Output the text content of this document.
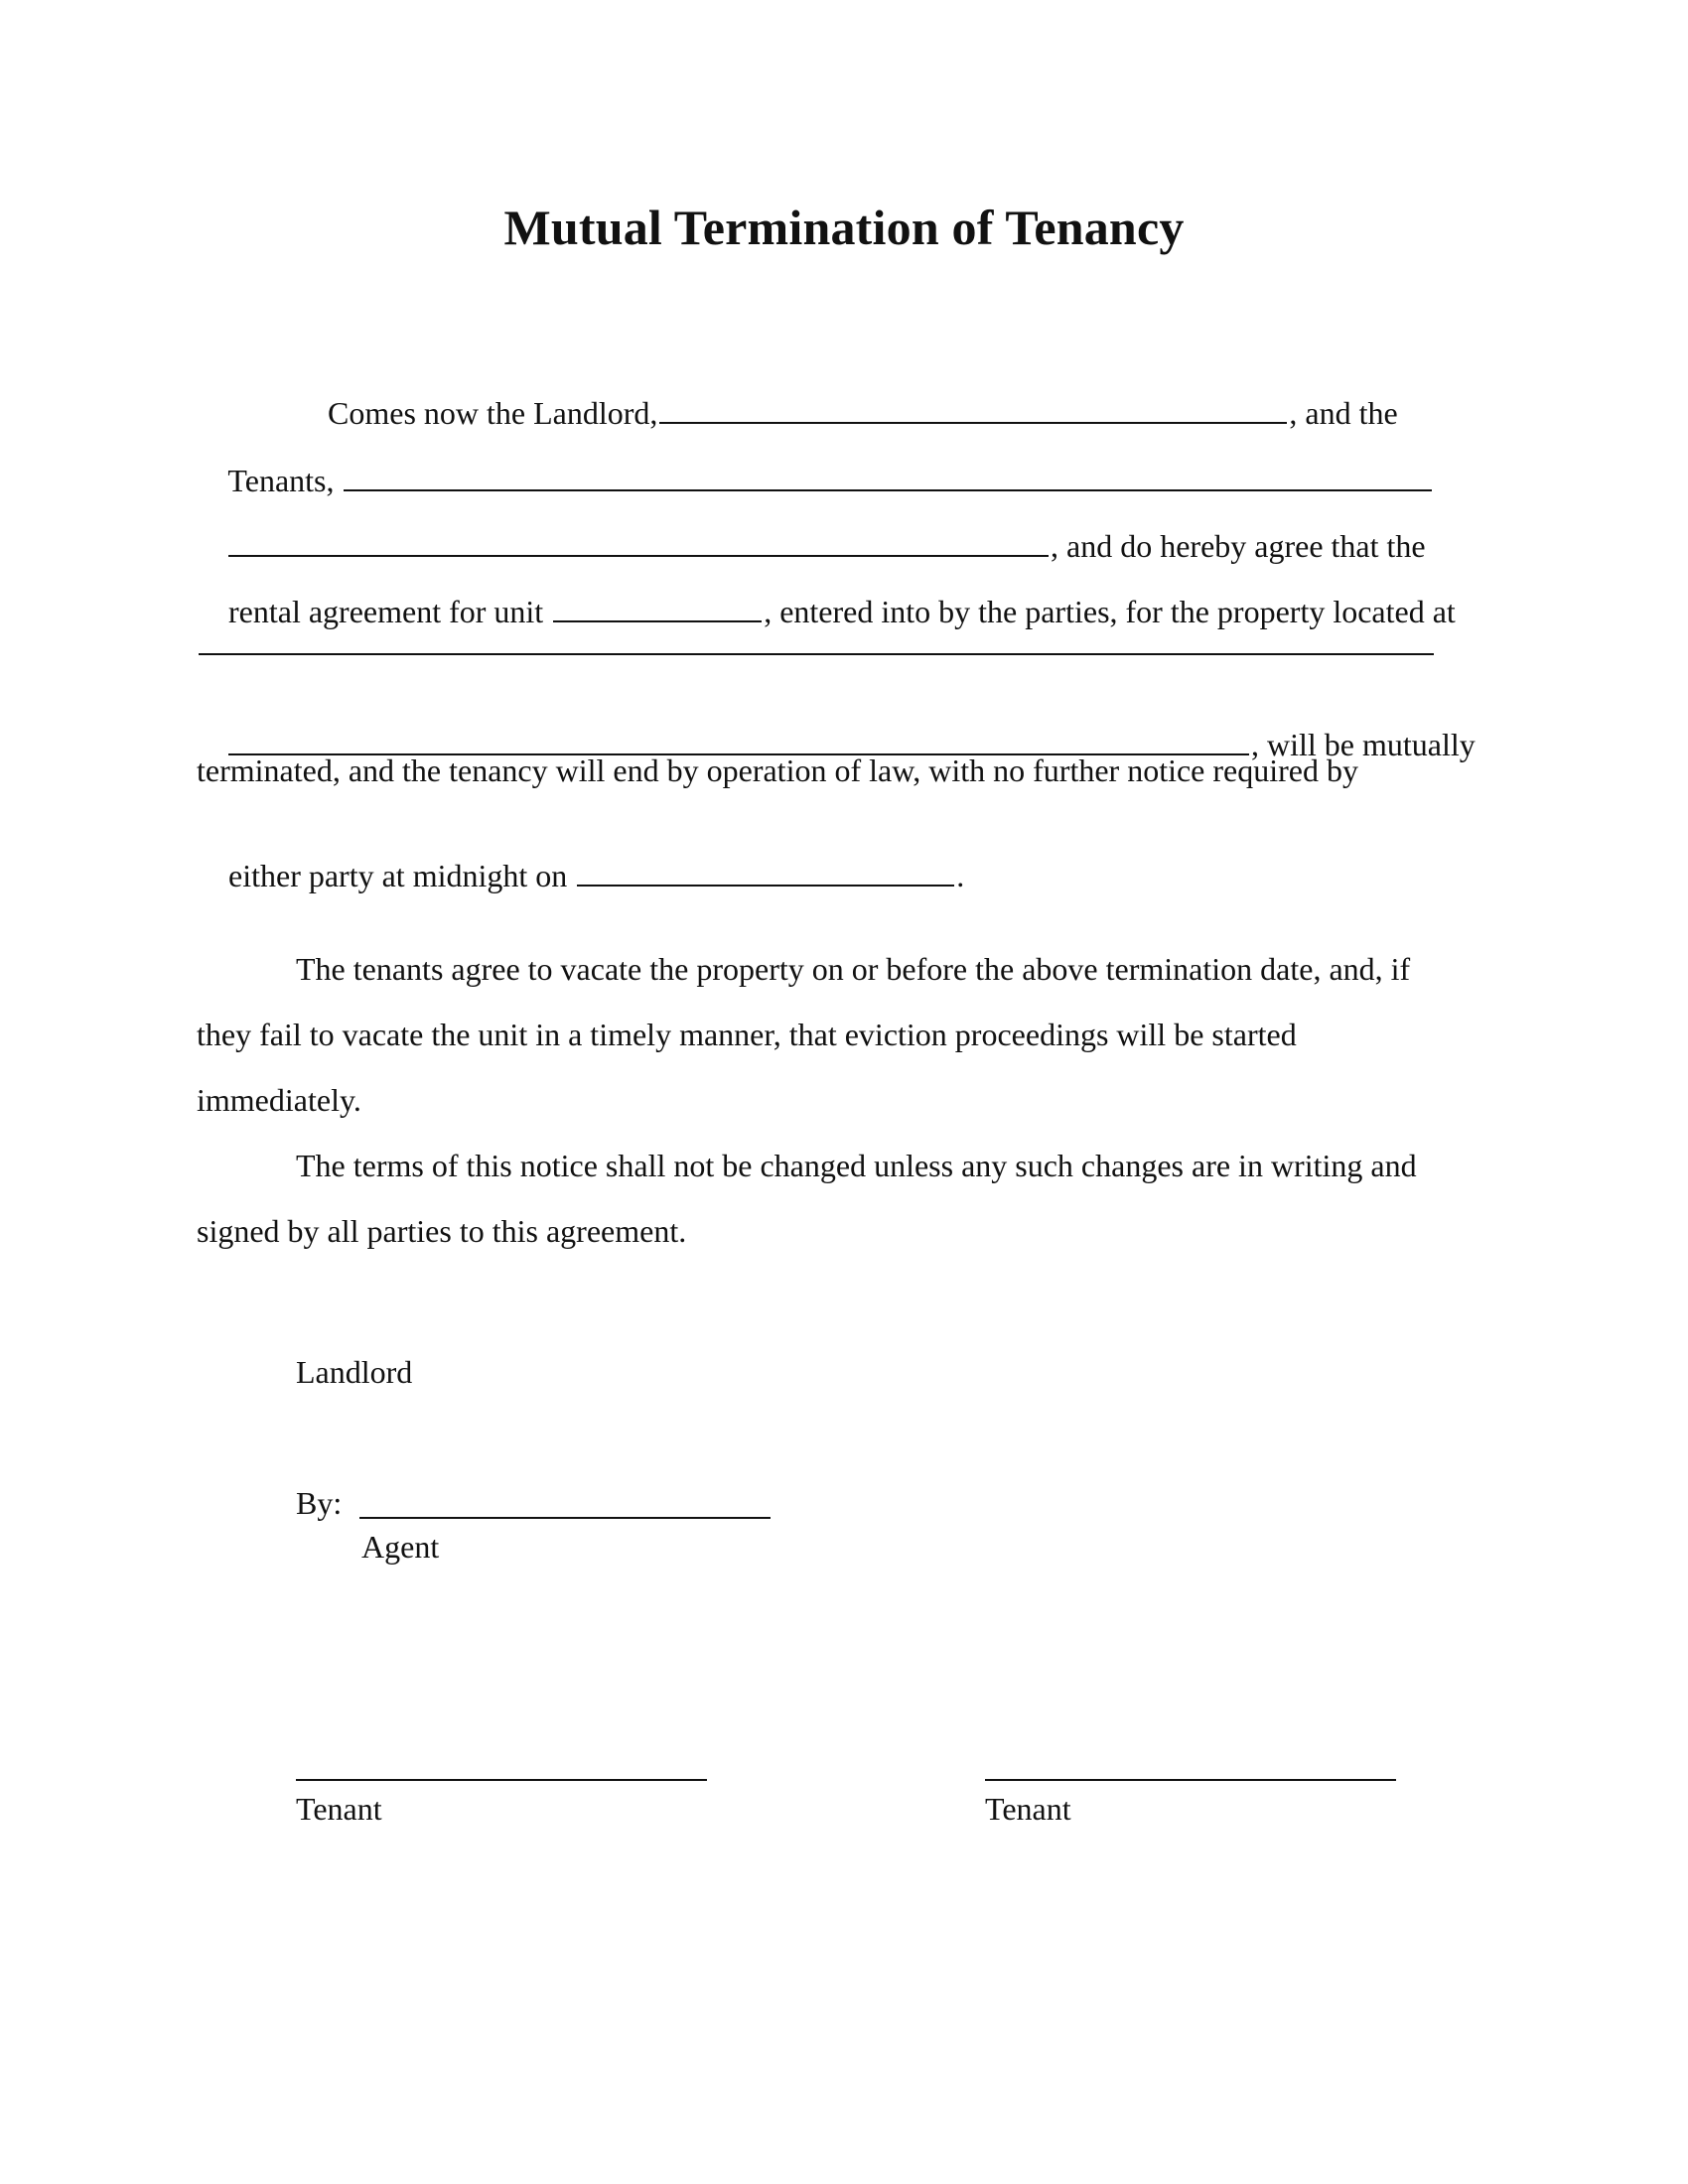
Mutual Termination of Tenancy

Comes now the Landlord,	, and the

Tenants,

, and do hereby agree that the

rental agreement for unit	, entered into by the parties, for the property located at

, will be mutually

terminated, and the tenancy will end by operation of law, with no further notice required by

either party at midnight on	.

The tenants agree to vacate the property on or before the above termination date, and, if
they fail to vacate the unit in a timely manner, that eviction proceedings will be started
immediately.
The terms of this notice shall not be changed unless any such changes are in writing and
signed by all parties to this agreement.
Landlord
By:
Agent
Tenant	Tenant
